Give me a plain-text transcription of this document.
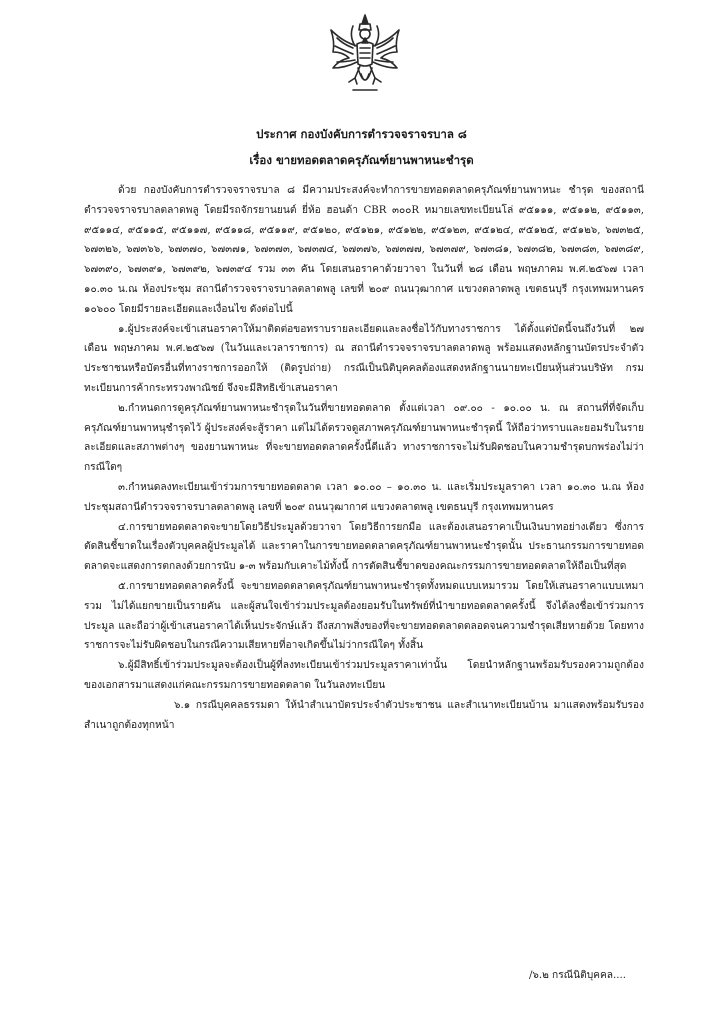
ประกาศ กองบังคับการตำรวจจราจรบาล ๘
เรื่อง ขายทอดตลาดครุภัณฑ์ยานพาหนะชำรุด

ด้วย กองบังคับการตำรวจจราจรบาล ๘ มีความประสงค์จะทำการขายทอดตลาดครุภัณฑ์ยานพาหนะ ชำรุด ของสถานีตำรวจจราจรบาลตลาดพลู โดยมีรถจักรยานยนต์ ยี่ห้อ ฮอนด้า CBR ๓๐๐R หมายเลขทะเบียนโล่ ๙๕๑๑๑, ๙๕๑๑๒, ๙๕๑๑๓, ๙๕๑๑๔, ๙๕๑๑๕, ๙๕๑๑๗, ๙๕๑๑๘, ๙๕๑๑๙, ๙๕๑๒๐, ๙๕๑๒๑, ๙๕๑๒๒, ๙๕๑๒๓, ๙๕๑๒๔, ๙๕๑๒๕, ๙๕๑๒๖, ๖๗๓๒๕, ๖๗๓๒๖, ๖๗๓๖๖, ๖๗๓๗๐, ๖๗๓๗๑, ๖๗๓๗๓, ๖๗๓๗๔, ๖๗๓๗๖, ๖๗๓๗๗, ๖๗๓๗๙, ๖๗๓๘๑, ๖๗๓๘๒, ๖๗๓๘๓, ๖๗๓๘๙, ๖๗๓๙๐, ๖๗๓๙๑, ๖๗๓๙๒, ๖๗๓๙๔ รวม ๓๓ คัน โดยเสนอราคาด้วยวาจา ในวันที่ ๒๘ เดือน พฤษภาคม พ.ศ.๒๕๖๗ เวลา ๑๐.๓๐ น.ณ ห้องประชุม สถานีตำรวจจราจรบาลตลาดพลู เลขที่ ๒๐๙ ถนนวุฒากาศ แขวงตลาดพลู เขตธนบุรี กรุงเทพมหานคร ๑๐๖๐๐ โดยมีรายละเอียดและเงื่อนไข ดังต่อไปนี้

๑.ผู้ประสงค์จะเข้าเสนอราคาให้มาติดต่อขอทราบรายละเอียดและลงชื่อไว้กับทางราชการ ได้ตั้งแต่บัดนี้จนถึงวันที่ ๒๗ เดือน พฤษภาคม พ.ศ.๒๕๖๗ (ในวันและเวลาราชการ) ณ สถานีตำรวจจราจรบาลตลาดพลู พร้อมแสดงหลักฐานบัตรประจำตัวประชาชนหรือบัตรอื่นที่ทางราชการออกให้ (ติดรูปถ่าย) กรณีเป็นนิติบุคคลต้องแสดงหลักฐานนายทะเบียนหุ้นส่วนบริษัท กรมทะเบียนการค้ากระทรวงพาณิชย์ จึงจะมีสิทธิเข้าเสนอราคา

๒.กำหนดการดูครุภัณฑ์ยานพาหนะชำรุดในวันที่ขายทอดตลาด ตั้งแต่เวลา ๐๙.๐๐ - ๑๐.๐๐ น. ณ สถานที่ที่จัดเก็บครุภัณฑ์ยานพาหนุชำรุดไว้ ผู้ประสงค์จะสู้ราคา แต่ไม่ได้ตรวจดูสภาพครุภัณฑ์ยานพาหนะชำรุดนี้ ให้ถือว่าทราบและยอมรับในรายละเอียดและสภาพต่างๆ ของยานพาหนะ ที่จะขายทอดตลาดครั้งนี้ดีแล้ว ทางราชการจะไม่รับผิดชอบในความชำรุดบกพร่องไม่ว่ากรณีใดๆ

๓.กำหนดลงทะเบียนเข้าร่วมการขายทอดตลาด เวลา ๑๐.๐๐ – ๑๐.๓๐ น. และเริ่มประมูลราคา เวลา ๑๐.๓๐ น.ณ ห้องประชุมสถานีตำรวจจราจรบาลตลาดพลู เลขที่ ๒๐๙ ถนนวุฒากาศ แขวงตลาดพลู เขตธนบุรี กรุงเทพมหานคร

๔.การขายทอดตลาดจะขายโดยวิธีประมูลด้วยวาจา โดยวิธีการยกมือ และต้องเสนอราคาเป็นเงินบาทอย่างเดียว ซึ่งการตัดสินชี้ขาดในเรื่องตัวบุคคลผู้ประมูลได้ และราคาในการขายทอดตลาดครุภัณฑ์ยานพาหนะชำรุดนั้น ประธานกรรมการขายทอดตลาดจะแสดงการตกลงด้วยการนับ ๑-๓ พร้อมกับเคาะไม้ทั้งนี้ การตัดสินชี้ขาดของคณะกรรมการขายทอดตลาดให้ถือเป็นที่สุด

๕.การขายทอดตลาดครั้งนี้ จะขายทอดตลาดครุภัณฑ์ยานพาหนะชำรุดทั้งหมดแบบเหมารวม โดยให้เสนอราคาแบบเหมารวม ไม่ได้แยกขายเป็นรายคัน และผู้สนใจเข้าร่วมประมูลต้องยอมรับในทรัพย์ที่นำขายทอดตลาดครั้งนี้ จึงได้ลงชื่อเข้าร่วมการประมูล และถือว่าผู้เข้าเสนอราคาได้เห็นประจักษ์แล้ว ถึงสภาพสิ่งของที่จะขายทอดตลาดตลอดจนความชำรุดเสียหายด้วย โดยทางราชการจะไม่รับผิดชอบในกรณีความเสียหายที่อาจเกิดขึ้นไม่ว่ากรณีใดๆ ทั้งสิ้น

๖.ผู้มีสิทธิ์เข้าร่วมประมูลจะต้องเป็นผู้ที่ลงทะเบียนเข้าร่วมประมูลราคาเท่านั้น โดยนำหลักฐานพร้อมรับรองความถูกต้องของเอกสารมาแสดงแก่คณะกรรมการขายทอดตลาด ในวันลงทะเบียน

๖.๑ กรณีบุคคลธรรมดา ให้นำสำเนาบัตรประจำตัวประชาชน และสำเนาทะเบียนบ้าน มาแสดงพร้อมรับรองสำเนาถูกต้องทุกหน้า

/๖.๒ กรณีนิติบุคคล....
